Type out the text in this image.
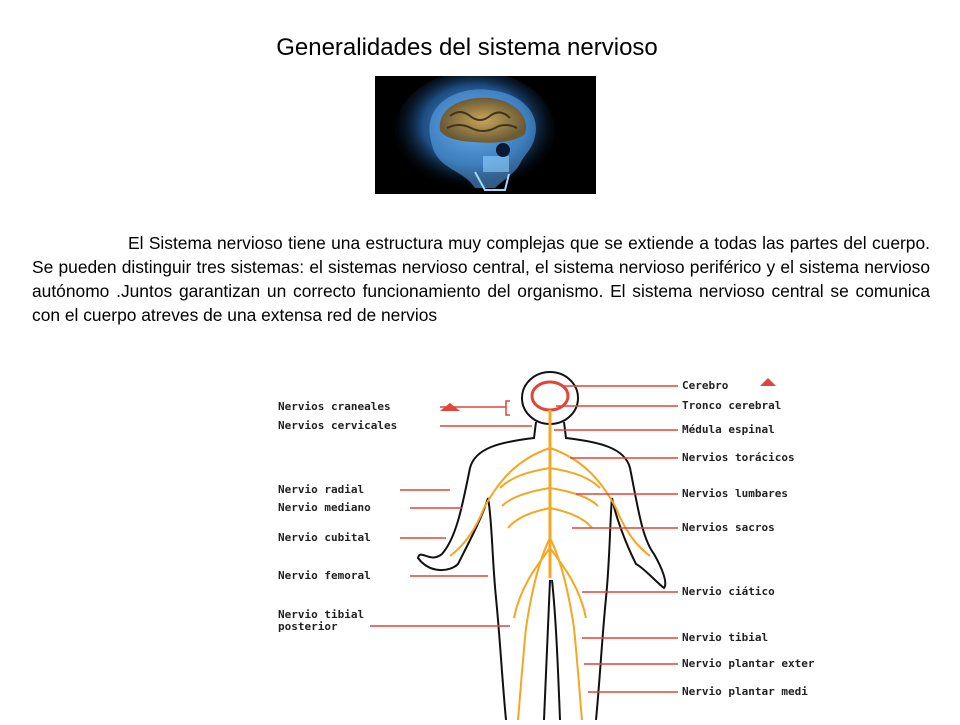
Generalidades del sistema nervioso
El Sistema nervioso tiene una estructura muy complejas que se extiende a todas las partes del cuerpo. Se pueden distinguir tres sistemas: el sistemas nervioso central, el sistema nervioso periférico y el sistema nervioso autónomo .Juntos garantizan un correcto funcionamiento del organismo. El sistema nervioso central se comunica con el cuerpo atreves de una extensa red de nervios
Nervios craneales
Nervios cervicales
Nervio radial
Nervio mediano
Nervio cubital
Nervio femoral
Nervio tibial
posterior
Cerebro
Tronco cerebral
Médula espinal
Nervios torácicos
Nervios lumbares
Nervios sacros
Nervio ciático
Nervio tibial
Nervio plantar exter
Nervio plantar medi
